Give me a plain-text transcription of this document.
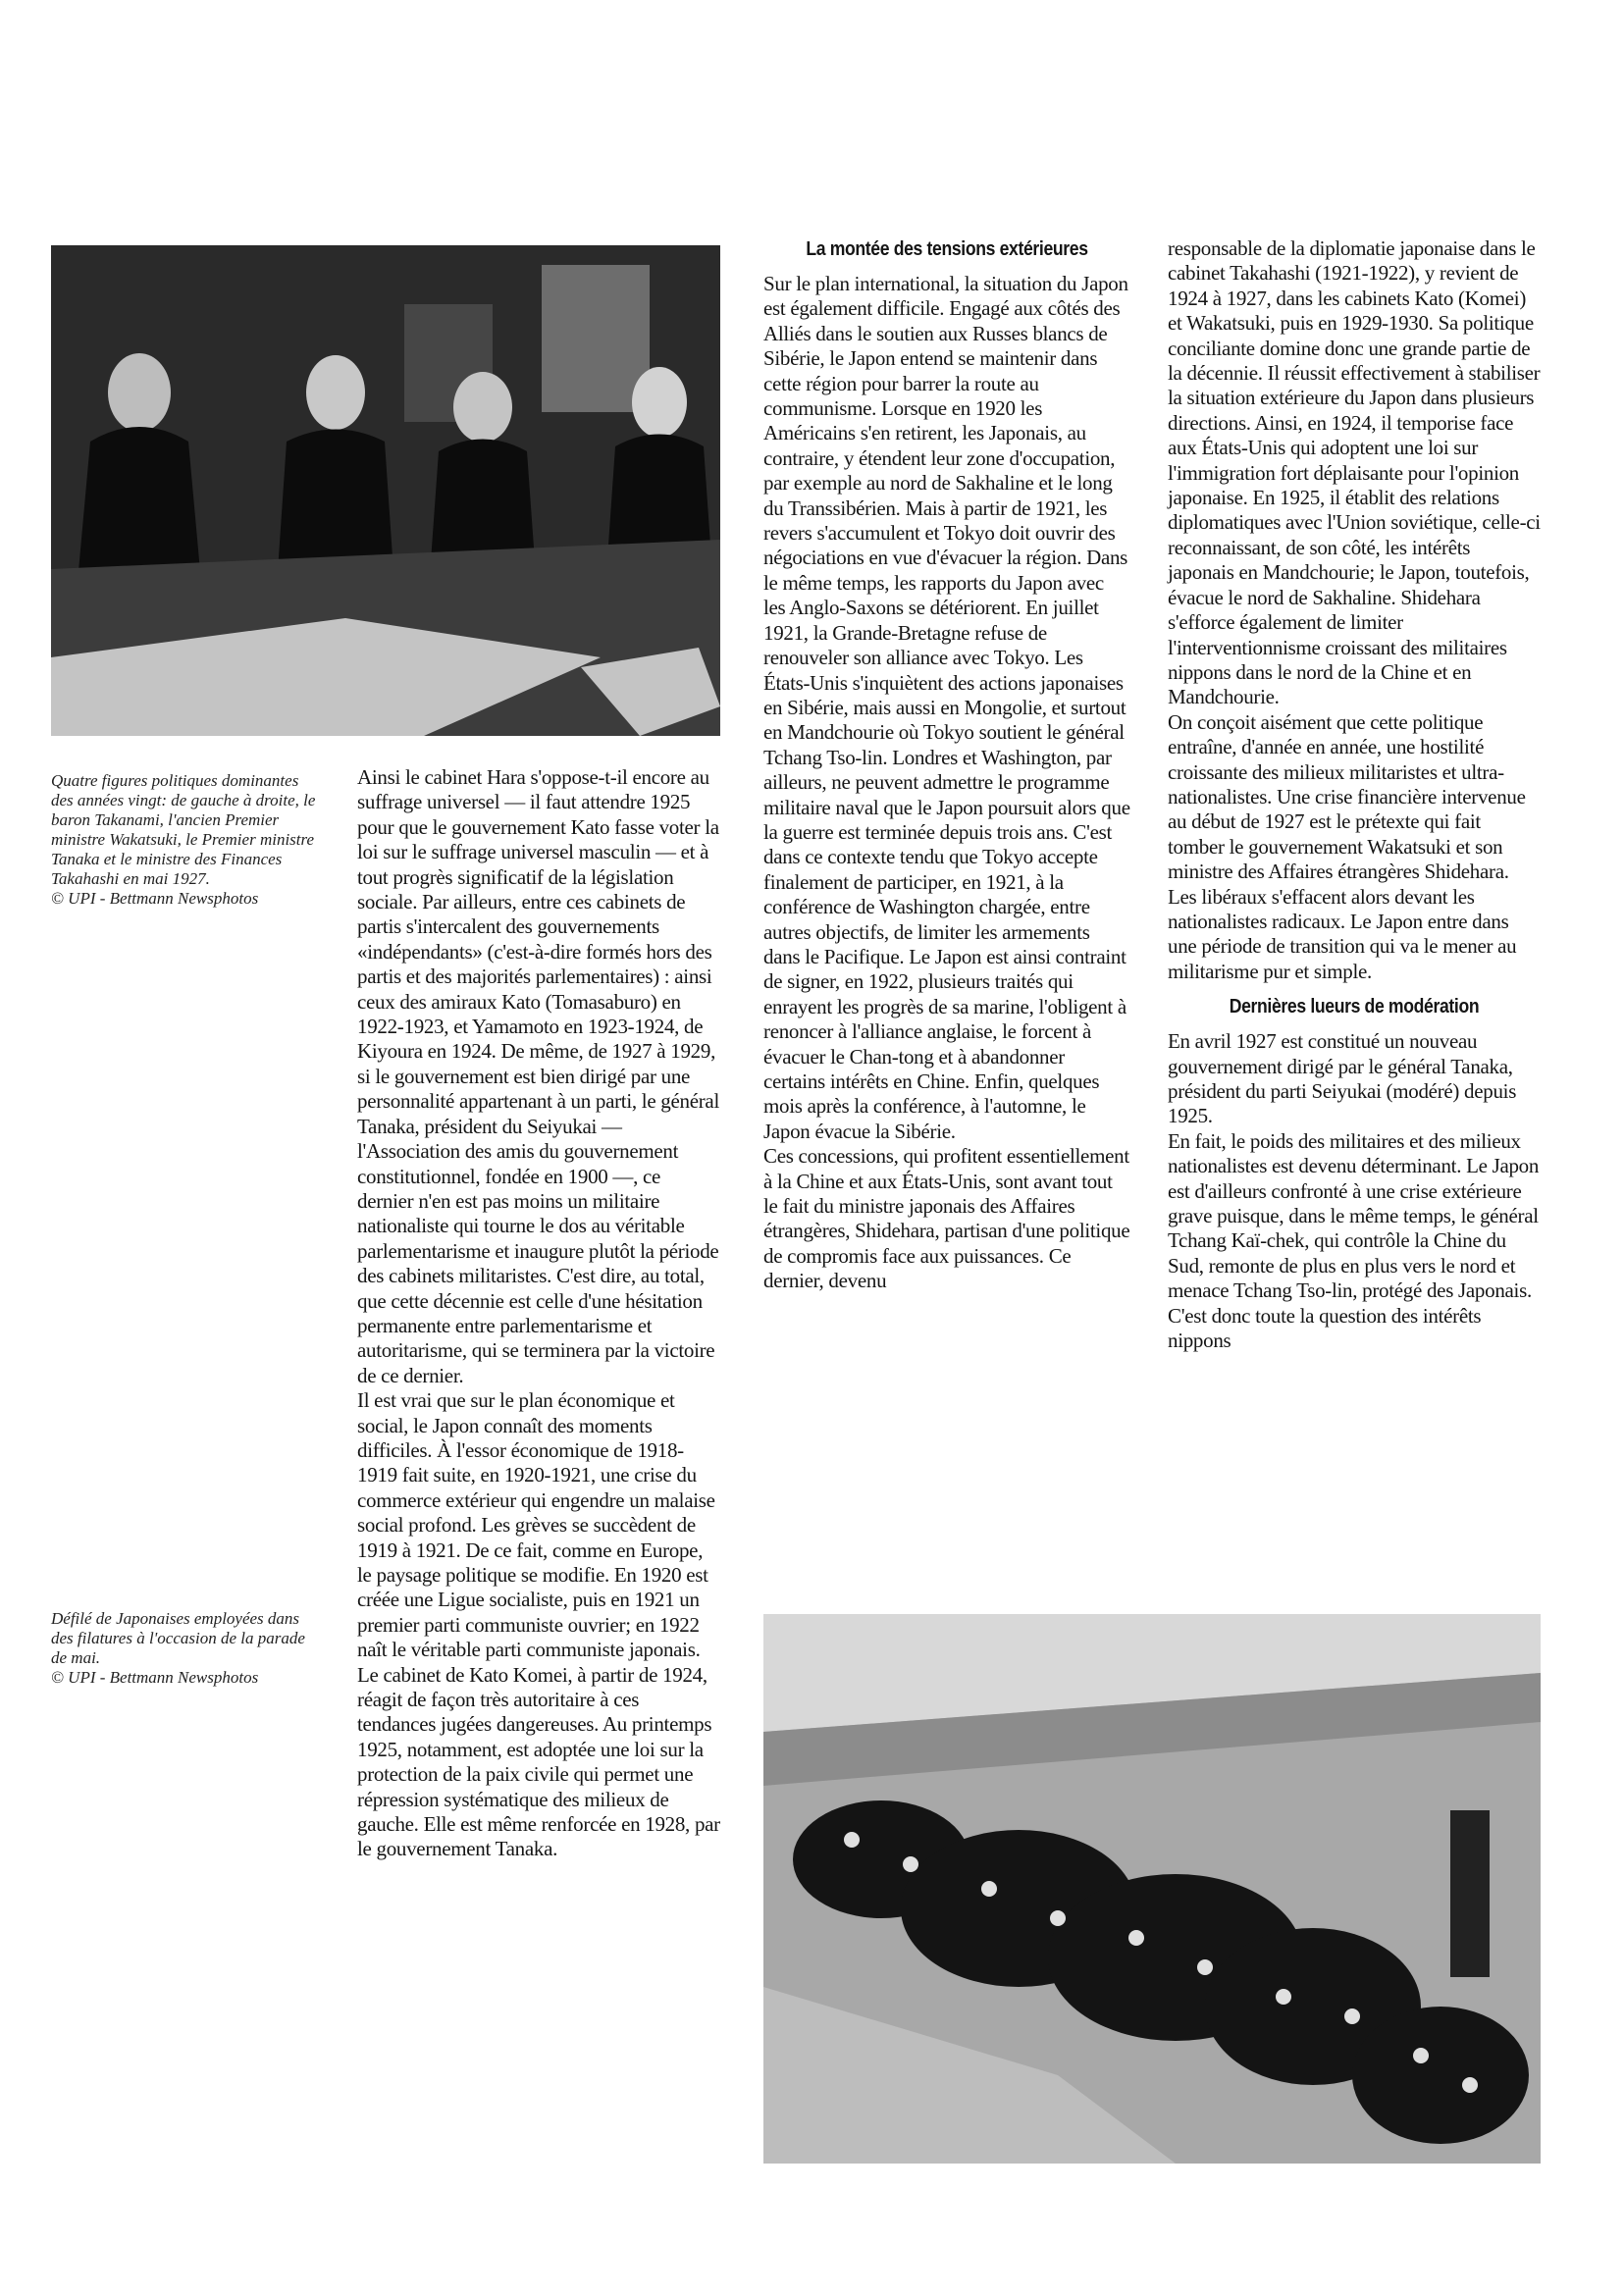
Quatre figures politiques dominantes des années vingt: de gauche à droite, le baron Takanami, l'ancien Premier ministre Wakatsuki, le Premier ministre Tanaka et le ministre des Finances Takahashi en mai 1927.

© UPI - Bettmann Newsphotos

Ainsi le cabinet Hara s'oppose-t-il encore au suffrage universel — il faut attendre 1925 pour que le gouvernement Kato fasse voter la loi sur le suffrage universel masculin — et à tout progrès significatif de la législation sociale. Par ailleurs, entre ces cabinets de partis s'intercalent des gouvernements «indépendants» (c'est-à-dire formés hors des partis et des majorités parlementaires) : ainsi ceux des amiraux Kato (Tomasaburo) en 1922-1923, et Yamamoto en 1923-1924, de Kiyoura en 1924. De même, de 1927 à 1929, si le gouvernement est bien dirigé par une personnalité appartenant à un parti, le général Tanaka, président du Seiyukai — l'Association des amis du gouvernement constitutionnel, fondée en 1900 —, ce dernier n'en est pas moins un militaire nationaliste qui tourne le dos au véritable parlementarisme et inaugure plutôt la période des cabinets militaristes. C'est dire, au total, que cette décennie est celle d'une hésitation permanente entre parlementarisme et autoritarisme, qui se terminera par la victoire de ce dernier.

Il est vrai que sur le plan économique et social, le Japon connaît des moments difficiles. À l'essor économique de 1918-1919 fait suite, en 1920-1921, une crise du commerce extérieur qui engendre un malaise social profond. Les grèves se succèdent de 1919 à 1921. De ce fait, comme en Europe, le paysage politique se modifie. En 1920 est créée une Ligue socialiste, puis en 1921 un premier parti communiste ouvrier; en 1922 naît le véritable parti communiste japonais. Le cabinet de Kato Komei, à partir de 1924, réagit de façon très autoritaire à ces tendances jugées dangereuses. Au printemps 1925, notamment, est adoptée une loi sur la protection de la paix civile qui permet une répression systématique des milieux de gauche. Elle est même renforcée en 1928, par le gouvernement Tanaka.

Défilé de Japonaises employées dans des filatures à l'occasion de la parade de mai.

© UPI - Bettmann Newsphotos

La montée des tensions extérieures

Sur le plan international, la situation du Japon est également difficile. Engagé aux côtés des Alliés dans le soutien aux Russes blancs de Sibérie, le Japon entend se maintenir dans cette région pour barrer la route au communisme. Lorsque en 1920 les Américains s'en retirent, les Japonais, au contraire, y étendent leur zone d'occupation, par exemple au nord de Sakhaline et le long du Transsibérien. Mais à partir de 1921, les revers s'accumulent et Tokyo doit ouvrir des négociations en vue d'évacuer la région. Dans le même temps, les rapports du Japon avec les Anglo-Saxons se détériorent. En juillet 1921, la Grande-Bretagne refuse de renouveler son alliance avec Tokyo. Les États-Unis s'inquiètent des actions japonaises en Sibérie, mais aussi en Mongolie, et surtout en Mandchourie où Tokyo soutient le général Tchang Tso-lin. Londres et Washington, par ailleurs, ne peuvent admettre le programme militaire naval que le Japon poursuit alors que la guerre est terminée depuis trois ans. C'est dans ce contexte tendu que Tokyo accepte finalement de participer, en 1921, à la conférence de Washington chargée, entre autres objectifs, de limiter les armements dans le Pacifique. Le Japon est ainsi contraint de signer, en 1922, plusieurs traités qui enrayent les progrès de sa marine, l'obligent à renoncer à l'alliance anglaise, le forcent à évacuer le Chan-tong et à abandonner certains intérêts en Chine. Enfin, quelques mois après la conférence, à l'automne, le Japon évacue la Sibérie.

Ces concessions, qui profitent essentiellement à la Chine et aux États-Unis, sont avant tout le fait du ministre japonais des Affaires étrangères, Shidehara, partisan d'une politique de compromis face aux puissances. Ce dernier, devenu

responsable de la diplomatie japonaise dans le cabinet Takahashi (1921-1922), y revient de 1924 à 1927, dans les cabinets Kato (Komei) et Wakatsuki, puis en 1929-1930. Sa politique conciliante domine donc une grande partie de la décennie. Il réussit effectivement à stabiliser la situation extérieure du Japon dans plusieurs directions. Ainsi, en 1924, il temporise face aux États-Unis qui adoptent une loi sur l'immigration fort déplaisante pour l'opinion japonaise. En 1925, il établit des relations diplomatiques avec l'Union soviétique, celle-ci reconnaissant, de son côté, les intérêts japonais en Mandchourie; le Japon, toutefois, évacue le nord de Sakhaline. Shidehara s'efforce également de limiter l'interventionnisme croissant des militaires nippons dans le nord de la Chine et en Mandchourie.

On conçoit aisément que cette politique entraîne, d'année en année, une hostilité croissante des milieux militaristes et ultra-nationalistes. Une crise financière intervenue au début de 1927 est le prétexte qui fait tomber le gouvernement Wakatsuki et son ministre des Affaires étrangères Shidehara. Les libéraux s'effacent alors devant les nationalistes radicaux. Le Japon entre dans une période de transition qui va le mener au militarisme pur et simple.

Dernières lueurs de modération

En avril 1927 est constitué un nouveau gouvernement dirigé par le général Tanaka, président du parti Seiyukai (modéré) depuis 1925.

En fait, le poids des militaires et des milieux nationalistes est devenu déterminant. Le Japon est d'ailleurs confronté à une crise extérieure grave puisque, dans le même temps, le général Tchang Kaï-chek, qui contrôle la Chine du Sud, remonte de plus en plus vers le nord et menace Tchang Tso-lin, protégé des Japonais. C'est donc toute la question des intérêts nippons
